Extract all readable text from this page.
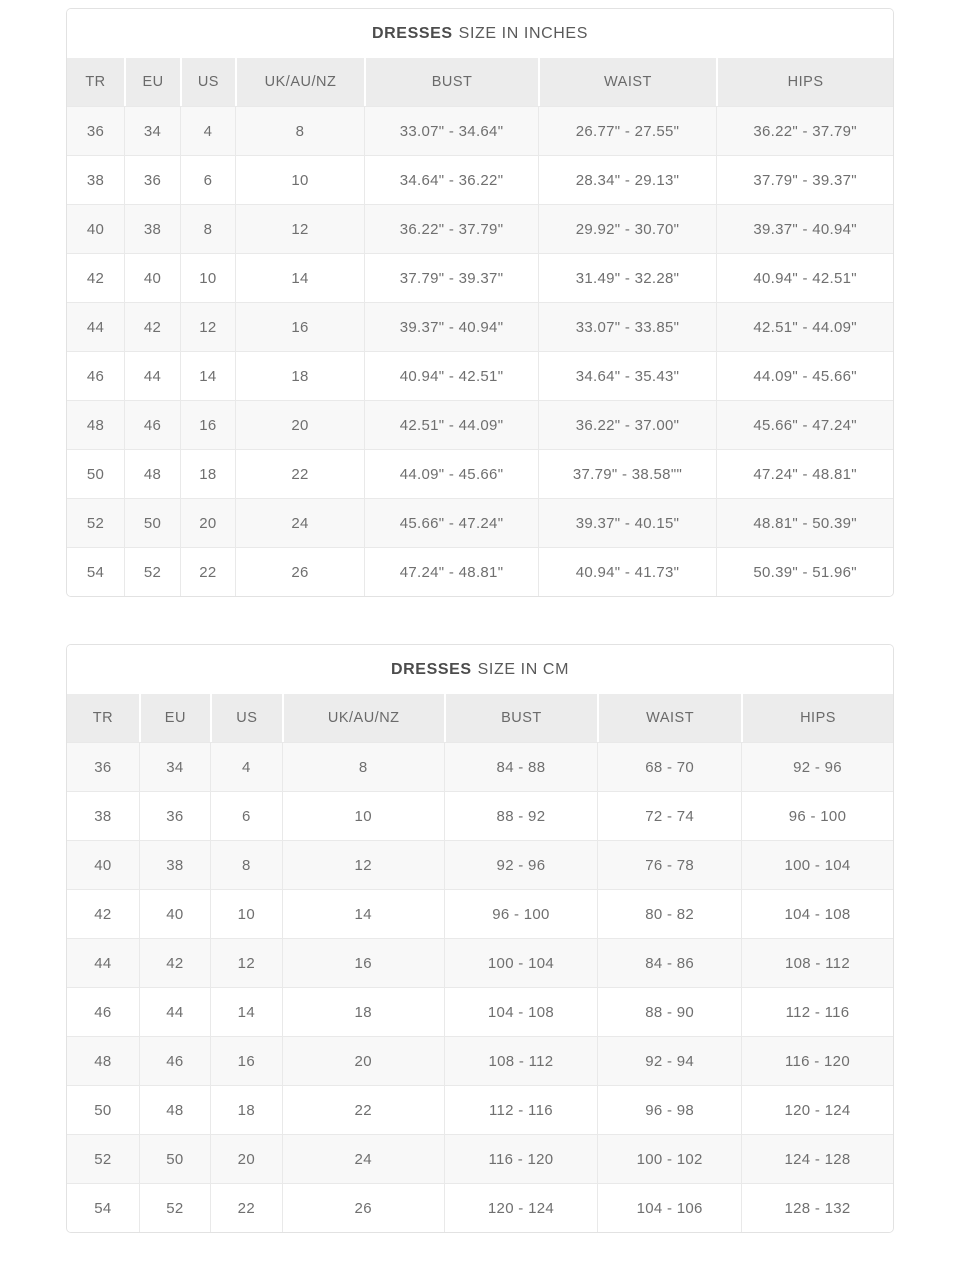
DRESSES SIZE IN INCHES
TR	EU	US	UK/AU/NZ	BUST	WAIST	HIPS
36	34	4	8	33.07" - 34.64"	26.77" - 27.55"	36.22" - 37.79"
38	36	6	10	34.64" - 36.22"	28.34" - 29.13"	37.79" - 39.37"
40	38	8	12	36.22" - 37.79"	29.92" - 30.70"	39.37" - 40.94"
42	40	10	14	37.79" - 39.37"	31.49" - 32.28"	40.94" - 42.51"
44	42	12	16	39.37" - 40.94"	33.07" - 33.85"	42.51" - 44.09"
46	44	14	18	40.94" - 42.51"	34.64" - 35.43"	44.09" - 45.66"
48	46	16	20	42.51" - 44.09"	36.22" - 37.00"	45.66" - 47.24"
50	48	18	22	44.09" - 45.66"	37.79" - 38.58""	47.24" - 48.81"
52	50	20	24	45.66" - 47.24"	39.37" - 40.15"	48.81" - 50.39"
54	52	22	26	47.24" - 48.81"	40.94" - 41.73"	50.39" - 51.96"
DRESSES SIZE IN CM
TR	EU	US	UK/AU/NZ	BUST	WAIST	HIPS
36	34	4	8	84 - 88	68 - 70	92 - 96
38	36	6	10	88 - 92	72 - 74	96 - 100
40	38	8	12	92 - 96	76 - 78	100 - 104
42	40	10	14	96 - 100	80 - 82	104 - 108
44	42	12	16	100 - 104	84 - 86	108 - 112
46	44	14	18	104 - 108	88 - 90	112 - 116
48	46	16	20	108 - 112	92 - 94	116 - 120
50	48	18	22	112 - 116	96 - 98	120 - 124
52	50	20	24	116 - 120	100 - 102	124 - 128
54	52	22	26	120 - 124	104 - 106	128 - 132
